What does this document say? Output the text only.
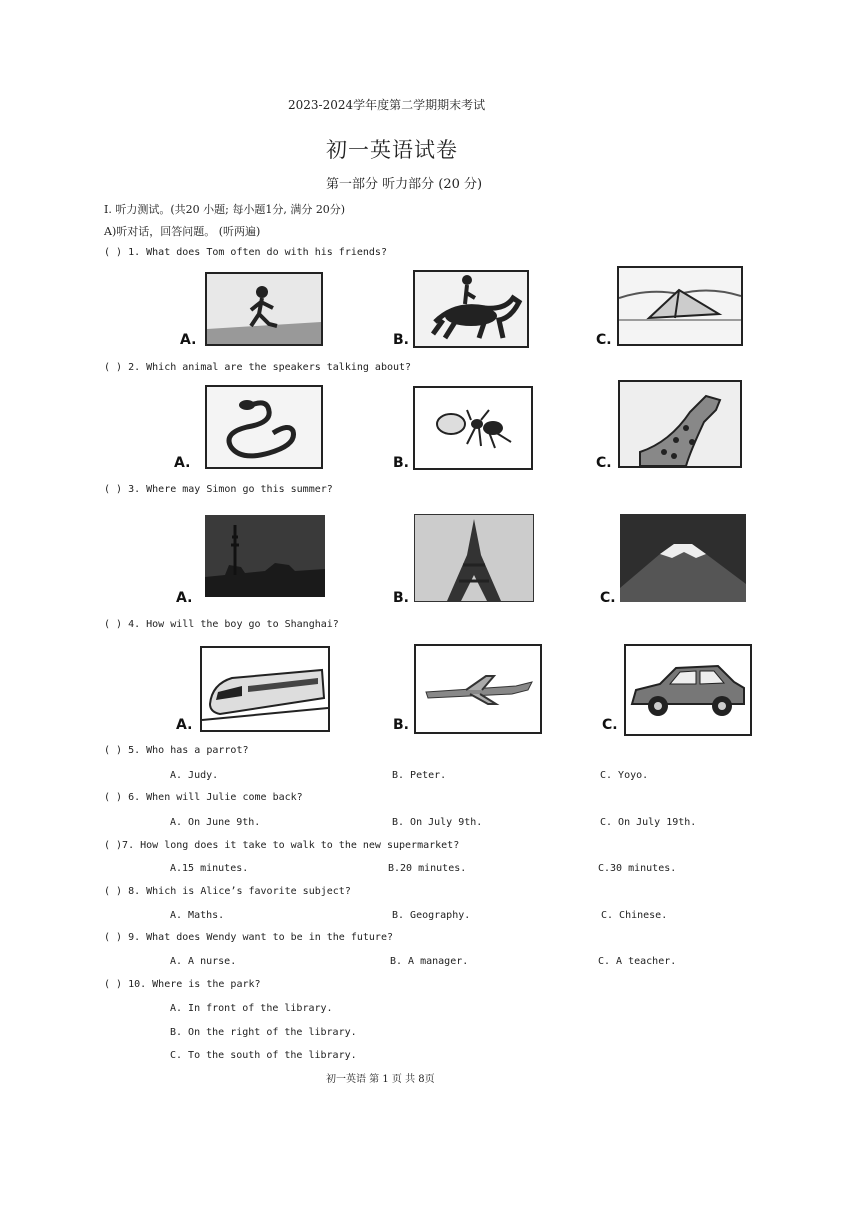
2023-2024学年度第二学期期末考试
初一英语试卷
第一部分 听力部分 (20 分)
I. 听力测试。(共20 小题; 每小题1分, 满分 20分)
A)听对话，回答问题。 (听两遍)
( ) 1. What does Tom often do with his friends?
A.	B.	C.
( ) 2. Which animal are the speakers talking about?
A.	B.	C.
( ) 3. Where may Simon go this summer?
A.	B.	C.
( ) 4. How will the boy go to Shanghai?
A.	B.	C.
( ) 5. Who has a parrot?
A. Judy.	B. Peter.	C. Yoyo.
( ) 6. When will Julie come back?
A. On June 9th.	B. On July 9th.	C. On July 19th.
( )7. How long does it take to walk to the new supermarket?
A.15 minutes.	B.20 minutes.	C.30 minutes.
( ) 8. Which is Alice’s favorite subject?
A. Maths.	B. Geography.	C. Chinese.
( ) 9. What does Wendy want to be in the future?
A. A nurse.	B. A manager.	C. A teacher.
( ) 10. Where is the park?
A. In front of the library.
B. On the right of the library.
C. To the south of the library.
初一英语 第 1 页 共 8页
